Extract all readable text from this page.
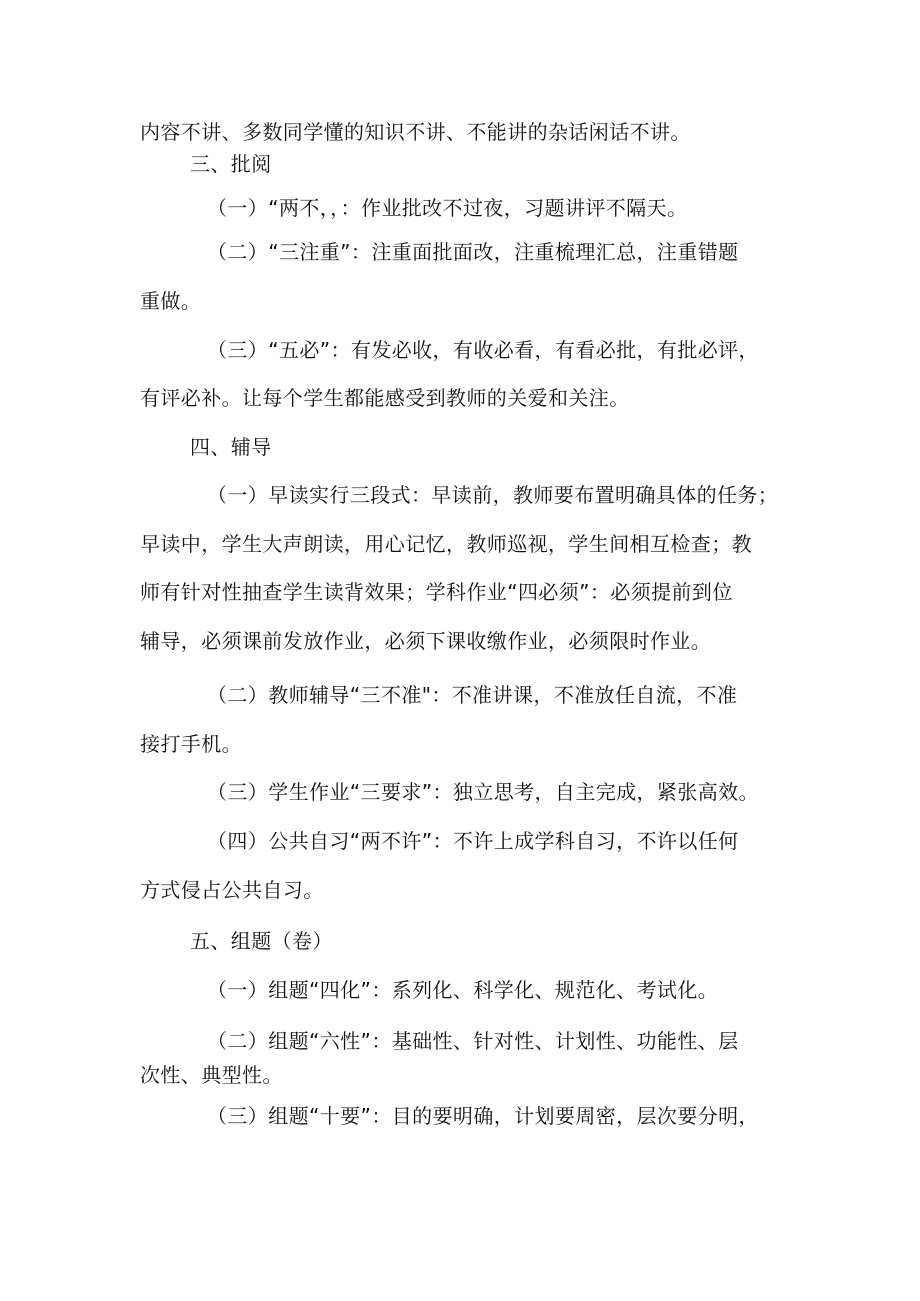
内容不讲、多数同学懂的知识不讲、不能讲的杂话闲话不讲。
三、批阅
（一）“两不，，：作业批改不过夜，习题讲评不隔天。
（二）“三注重”：注重面批面改，注重梳理汇总，注重错题
重做。
（三）“五必”：有发必收，有收必看，有看必批，有批必评，
有评必补。让每个学生都能感受到教师的关爱和关注。
四、辅导
（一）早读实行三段式：早读前，教师要布置明确具体的任务；
早读中，学生大声朗读，用心记忆，教师巡视，学生间相互检查；教
师有针对性抽查学生读背效果；学科作业“四必须”：必须提前到位
辅导，必须课前发放作业，必须下课收缴作业，必须限时作业。
（二）教师辅导“三不准"：不准讲课，不准放任自流，不准
接打手机。
（三）学生作业“三要求”：独立思考，自主完成，紧张高效。
（四）公共自习“两不许”：不许上成学科自习，不许以任何
方式侵占公共自习。
五、组题（卷）
（一）组题“四化”：系列化、科学化、规范化、考试化。
（二）组题“六性”：基础性、针对性、计划性、功能性、层
次性、典型性。
（三）组题“十要”：目的要明确，计划要周密，层次要分明，
